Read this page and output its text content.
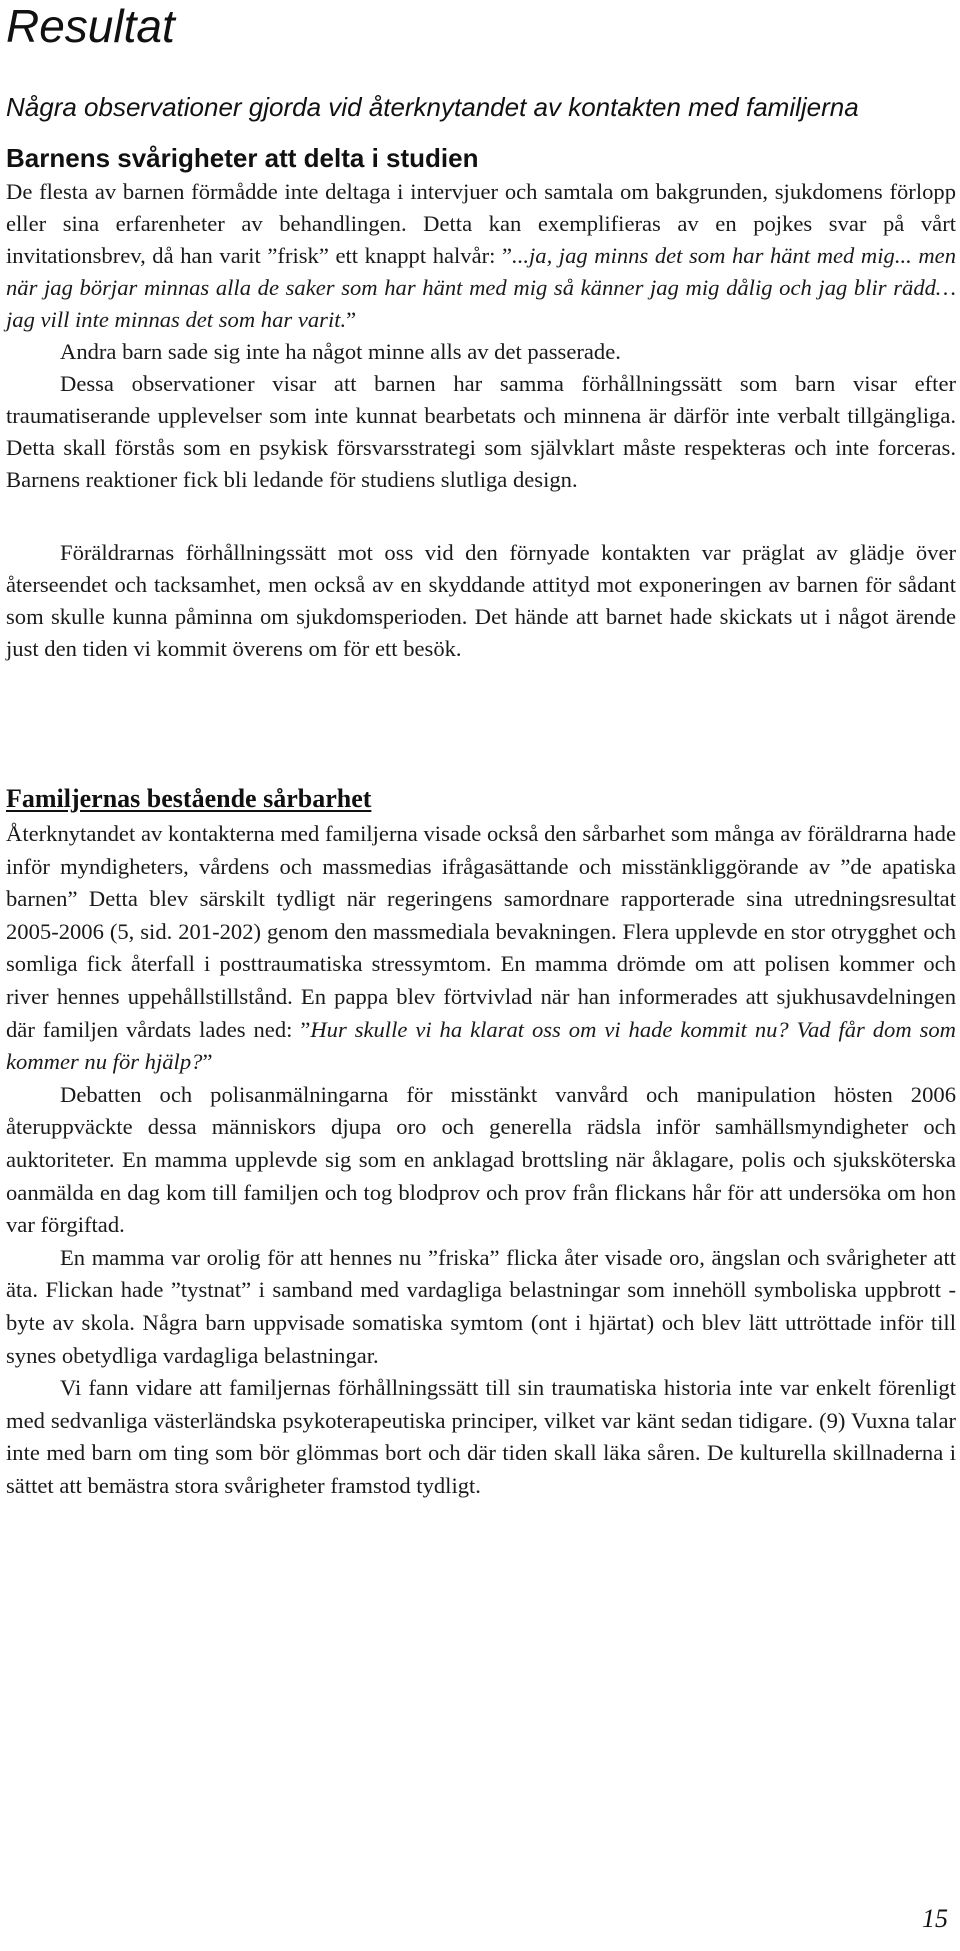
Resultat
Några observationer gjorda vid återknytandet av kontakten med familjerna
Barnens svårigheter att delta i studien

De flesta av barnen förmådde inte deltaga i intervjuer och samtala om bakgrunden, sjukdomens förlopp eller sina erfarenheter av behandlingen. Detta kan exemplifieras av en pojkes svar på vårt invitationsbrev, då han varit ”frisk” ett knappt halvår: ”...ja, jag minns det som har hänt med mig... men när jag börjar minnas alla de saker som har hänt med mig så känner jag mig dålig och jag blir rädd… jag vill inte minnas det som har varit.”

Andra barn sade sig inte ha något minne alls av det passerade.

Dessa observationer visar att barnen har samma förhållningssätt som barn visar efter traumatiserande upplevelser som inte kunnat bearbetats och minnena är därför inte verbalt tillgängliga. Detta skall förstås som en psykisk försvarsstrategi som självklart måste respekteras och inte forceras. Barnens reaktioner fick bli ledande för studiens slutliga design.

Föräldrarnas förhållningssätt mot oss vid den förnyade kontakten var präglat av glädje över återseendet och tacksamhet, men också av en skyddande attityd mot exponeringen av barnen för sådant som skulle kunna påminna om sjukdomsperioden. Det hände att barnet hade skickats ut i något ärende just den tiden vi kommit överens om för ett besök.

Familjernas bestående sårbarhet

Återknytandet av kontakterna med familjerna visade också den sårbarhet som många av föräldrarna hade inför myndigheters, vårdens och massmedias ifrågasättande och misstänkliggörande av ”de apatiska barnen” Detta blev särskilt tydligt när regeringens samordnare rapporterade sina utredningsresultat 2005-2006 (5, sid. 201-202) genom den massmediala bevakningen. Flera upplevde en stor otrygghet och somliga fick återfall i posttraumatiska stressymtom. En mamma drömde om att polisen kommer och river hennes uppehållstillstånd. En pappa blev förtvivlad när han informerades att sjukhusavdelningen där familjen vårdats lades ned: ”Hur skulle vi ha klarat oss om vi hade kommit nu? Vad får dom som kommer nu för hjälp?”

Debatten och polisanmälningarna för misstänkt vanvård och manipulation hösten 2006 återuppväckte dessa människors djupa oro och generella rädsla inför samhällsmyndigheter och auktoriteter. En mamma upplevde sig som en anklagad brottsling när åklagare, polis och sjuksköterska oanmälda en dag kom till familjen och tog blodprov och prov från flickans hår för att undersöka om hon var förgiftad.

En mamma var orolig för att hennes nu ”friska” flicka åter visade oro, ängslan och svårigheter att äta. Flickan hade ”tystnat” i samband med vardagliga belastningar som innehöll symboliska uppbrott - byte av skola. Några barn uppvisade somatiska symtom (ont i hjärtat) och blev lätt uttröttade inför till synes obetydliga vardagliga belastningar.

Vi fann vidare att familjernas förhållningssätt till sin traumatiska historia inte var enkelt förenligt med sedvanliga västerländska psykoterapeutiska principer, vilket var känt sedan tidigare. (9) Vuxna talar inte med barn om ting som bör glömmas bort och där tiden skall läka såren. De kulturella skillnaderna i sättet att bemästra stora svårigheter framstod tydligt.

15
